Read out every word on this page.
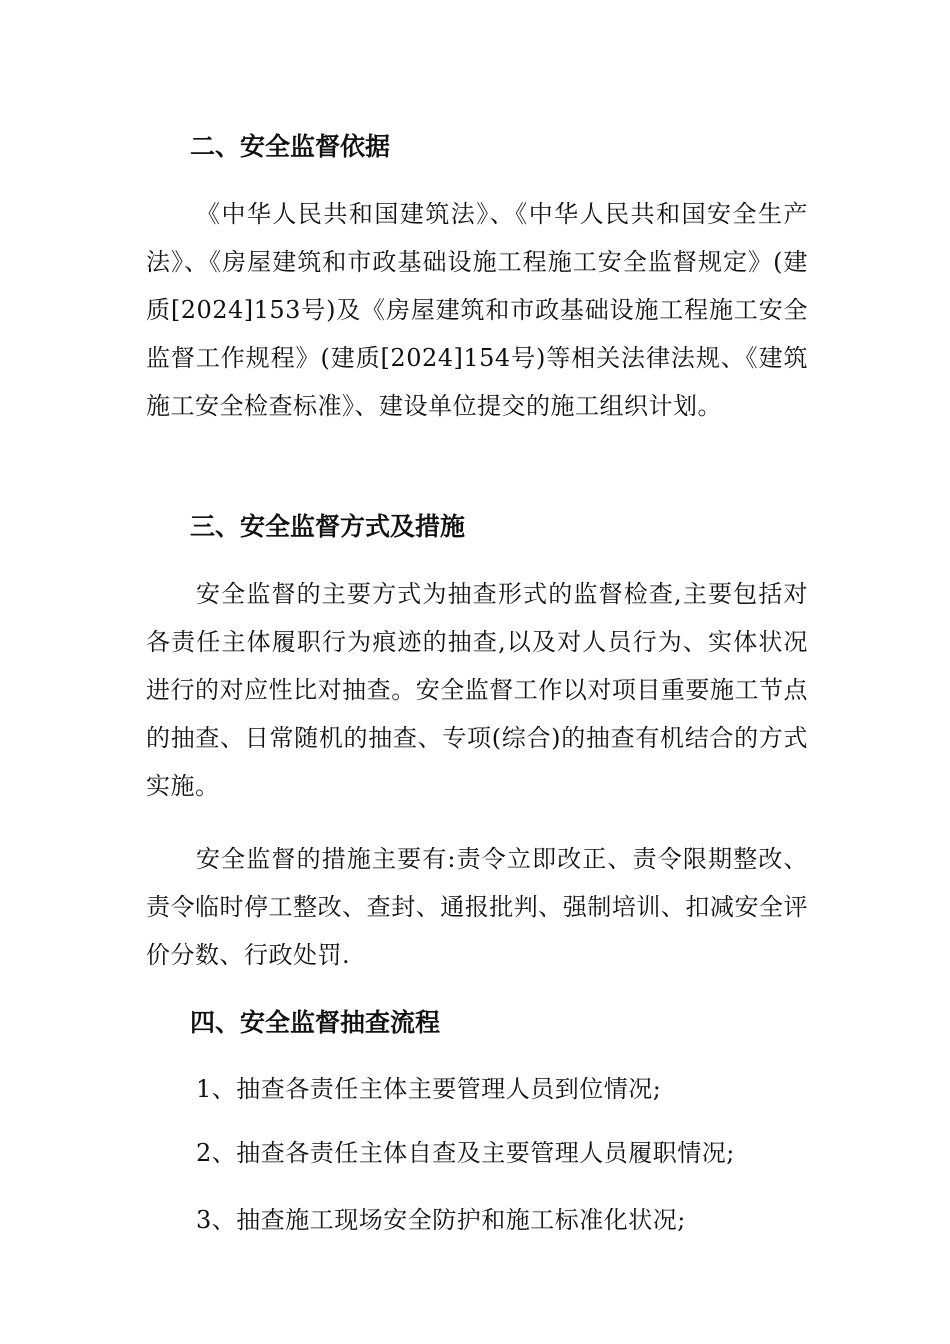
二、安全监督依据
《中华人民共和国建筑法》、《中华人民共和国安全生产法》、《房屋建筑和市政基础设施工程施工安全监督规定》(建质[2024]153号)及《房屋建筑和市政基础设施工程施工安全监督工作规程》(建质[2024]154号)等相关法律法规、《建筑施工安全检查标准》、建设单位提交的施工组织计划。
三、安全监督方式及措施
安全监督的主要方式为抽查形式的监督检查,主要包括对各责任主体履职行为痕迹的抽查,以及对人员行为、实体状况进行的对应性比对抽查。安全监督工作以对项目重要施工节点的抽查、日常随机的抽查、专项(综合)的抽查有机结合的方式实施。
安全监督的措施主要有:责令立即改正、责令限期整改、责令临时停工整改、查封、通报批判、强制培训、扣减安全评价分数、行政处罚.
四、安全监督抽查流程
1、抽查各责任主体主要管理人员到位情况;
2、抽查各责任主体自查及主要管理人员履职情况;
3、抽查施工现场安全防护和施工标准化状况;
